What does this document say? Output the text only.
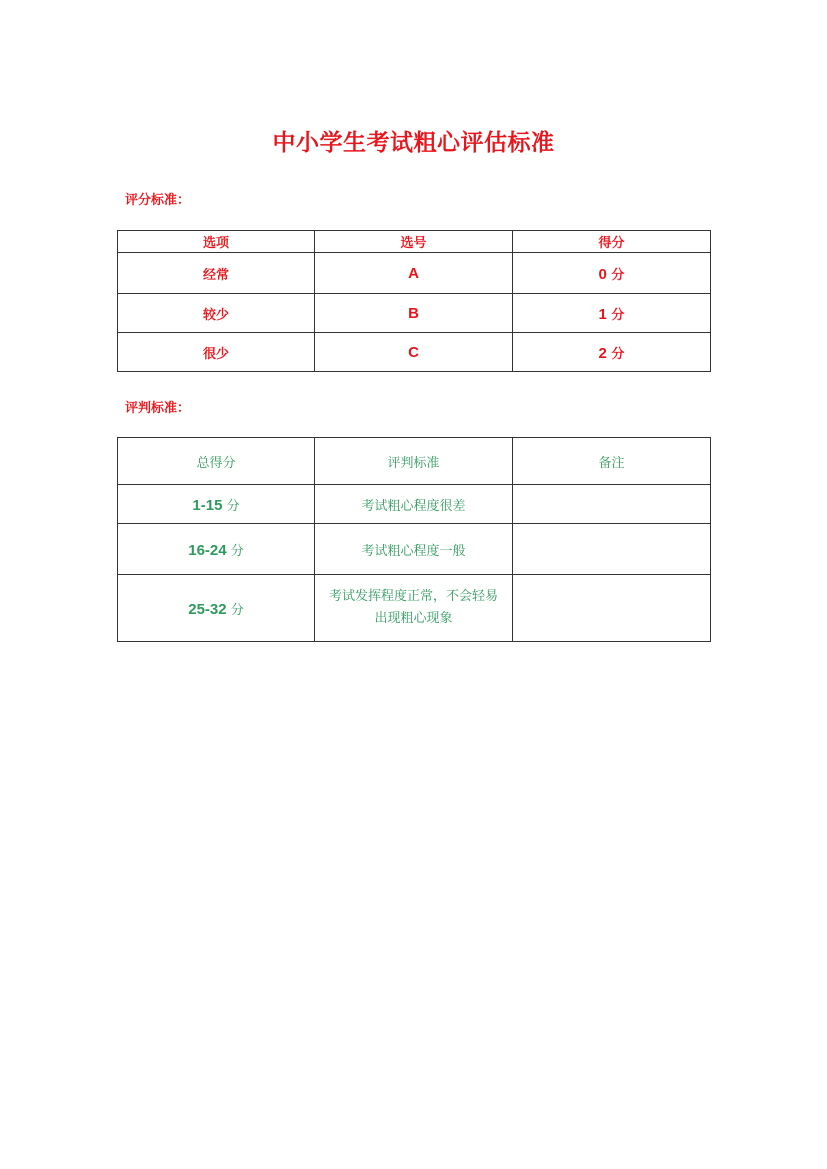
中小学生考试粗心评估标准
评分标准：
选项	选号	得分
经常	A	0 分
较少	B	1 分
很少	C	2 分
评判标准：
总得分	评判标准	备注
1-15 分	考试粗心程度很差	
16-24 分	考试粗心程度一般	
25-32 分	考试发挥程度正常，不会轻易出现粗心现象	
